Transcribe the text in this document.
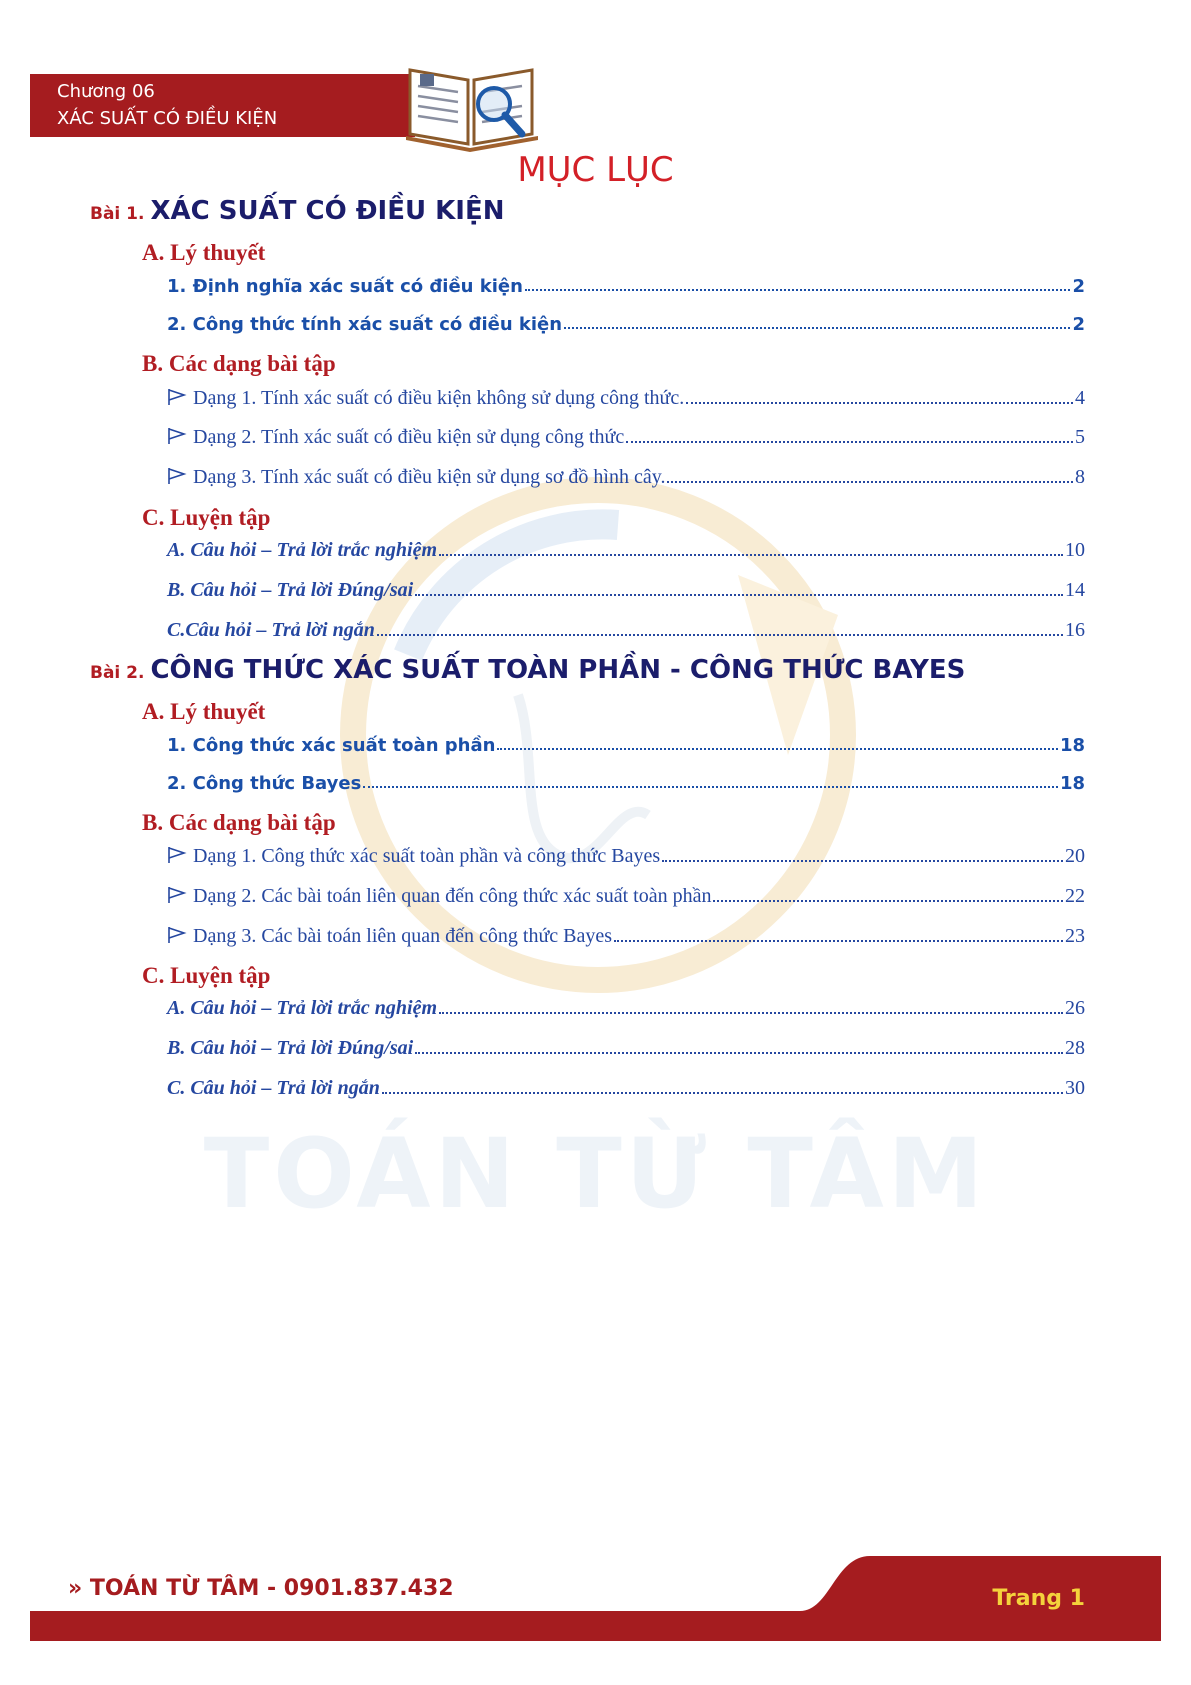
Chương 06
XÁC SUẤT CÓ ĐIỀU KIỆN
TOÁN TỪ TÂM
MỤC LỤC
Bài 1. XÁC SUẤT CÓ ĐIỀU KIỆN
A. Lý thuyết
1. Định nghĩa xác suất có điều kiện	2
2. Công thức tính xác suất có điều kiện	2
B. Các dạng bài tập
Dạng 1. Tính xác suất có điều kiện không sử dụng công thức.	4
Dạng 2. Tính xác suất có điều kiện sử dụng công thức	5
Dạng 3. Tính xác suất có điều kiện sử dụng sơ đồ hình cây.	8
C. Luyện tập
A. Câu hỏi – Trả lời trắc nghiệm	10
B. Câu hỏi – Trả lời Đúng/sai	14
C.Câu hỏi – Trả lời ngắn	16
Bài 2. CÔNG THỨC XÁC SUẤT TOÀN PHẦN - CÔNG THỨC BAYES
A. Lý thuyết
1. Công thức xác suất toàn phần	18
2. Công thức Bayes	18
B. Các dạng bài tập
Dạng 1. Công thức xác suất toàn phần và công thức Bayes	20
Dạng 2. Các bài toán liên quan đến công thức xác suất toàn phần	22
Dạng 3. Các bài toán liên quan đến công thức Bayes	23
C. Luyện tập
A. Câu hỏi – Trả lời trắc nghiệm	26
B. Câu hỏi – Trả lời Đúng/sai	28
C. Câu hỏi – Trả lời ngắn	30
» TOÁN TỪ TÂM - 0901.837.432	Trang 1
